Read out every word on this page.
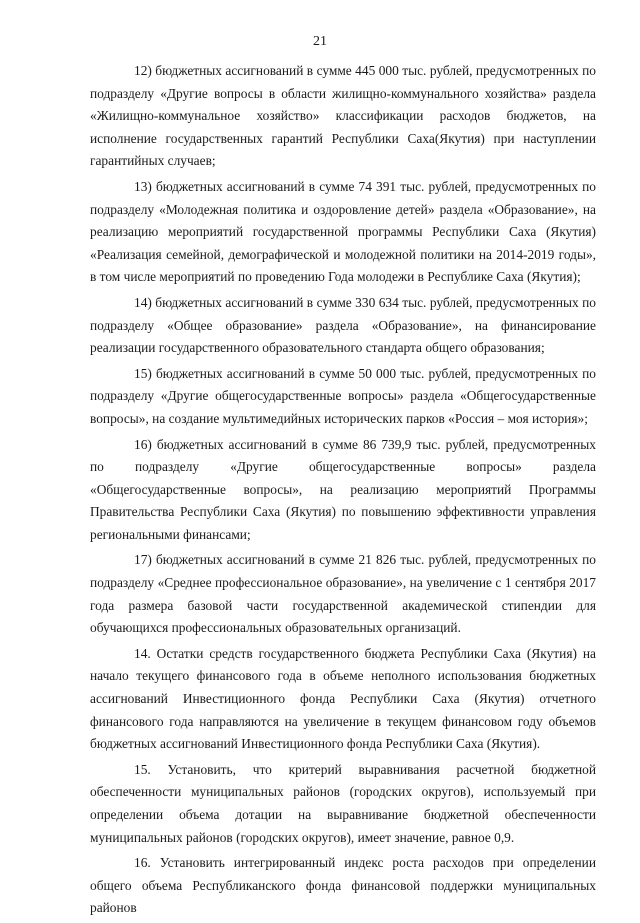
21

12) бюджетных ассигнований в сумме 445 000 тыс. рублей, предусмотренных по подразделу «Другие вопросы в области жилищно-коммунального хозяйства» раздела «Жилищно-коммунальное хозяйство» классификации расходов бюджетов, на исполнение государственных гарантий Республики Саха(Якутия) при наступлении гарантийных случаев;

13) бюджетных ассигнований в сумме 74 391 тыс. рублей, предусмотренных по подразделу «Молодежная политика и оздоровление детей» раздела «Образование», на реализацию мероприятий государственной программы Республики Саха (Якутия) «Реализация семейной, демографической и молодежной политики на 2014-2019 годы», в том числе мероприятий по проведению Года молодежи в Республике Саха (Якутия);

14) бюджетных ассигнований в сумме 330 634 тыс. рублей, предусмотренных по подразделу «Общее образование» раздела «Образование», на финансирование реализации государственного образовательного стандарта общего образования;

15) бюджетных ассигнований в сумме 50 000 тыс. рублей, предусмотренных по подразделу «Другие общегосударственные вопросы» раздела «Общегосударственные вопросы», на создание мультимедийных исторических парков «Россия – моя история»;

16) бюджетных ассигнований в сумме 86 739,9 тыс. рублей, предусмотренных по подразделу «Другие общегосударственные вопросы» раздела «Общегосударственные вопросы», на реализацию мероприятий Программы Правительства Республики Саха (Якутия) по повышению эффективности управления региональными финансами;

17) бюджетных ассигнований в сумме 21 826 тыс. рублей, предусмотренных по подразделу «Среднее профессиональное образование», на увеличение с 1 сентября 2017 года размера базовой части государственной академической стипендии для обучающихся профессиональных образовательных организаций.

14. Остатки средств государственного бюджета Республики Саха (Якутия) на начало текущего финансового года в объеме неполного использования бюджетных ассигнований Инвестиционного фонда Республики Саха (Якутия) отчетного финансового года направляются на увеличение в текущем финансовом году объемов бюджетных ассигнований Инвестиционного фонда Республики Саха (Якутия).

15. Установить, что критерий выравнивания расчетной бюджетной обеспеченности муниципальных районов (городских округов), используемый при определении объема дотации на выравнивание бюджетной обеспеченности муниципальных районов (городских округов), имеет значение, равное 0,9.

16. Установить интегрированный индекс роста расходов при определении общего объема Республиканского фонда финансовой поддержки муниципальных районов
